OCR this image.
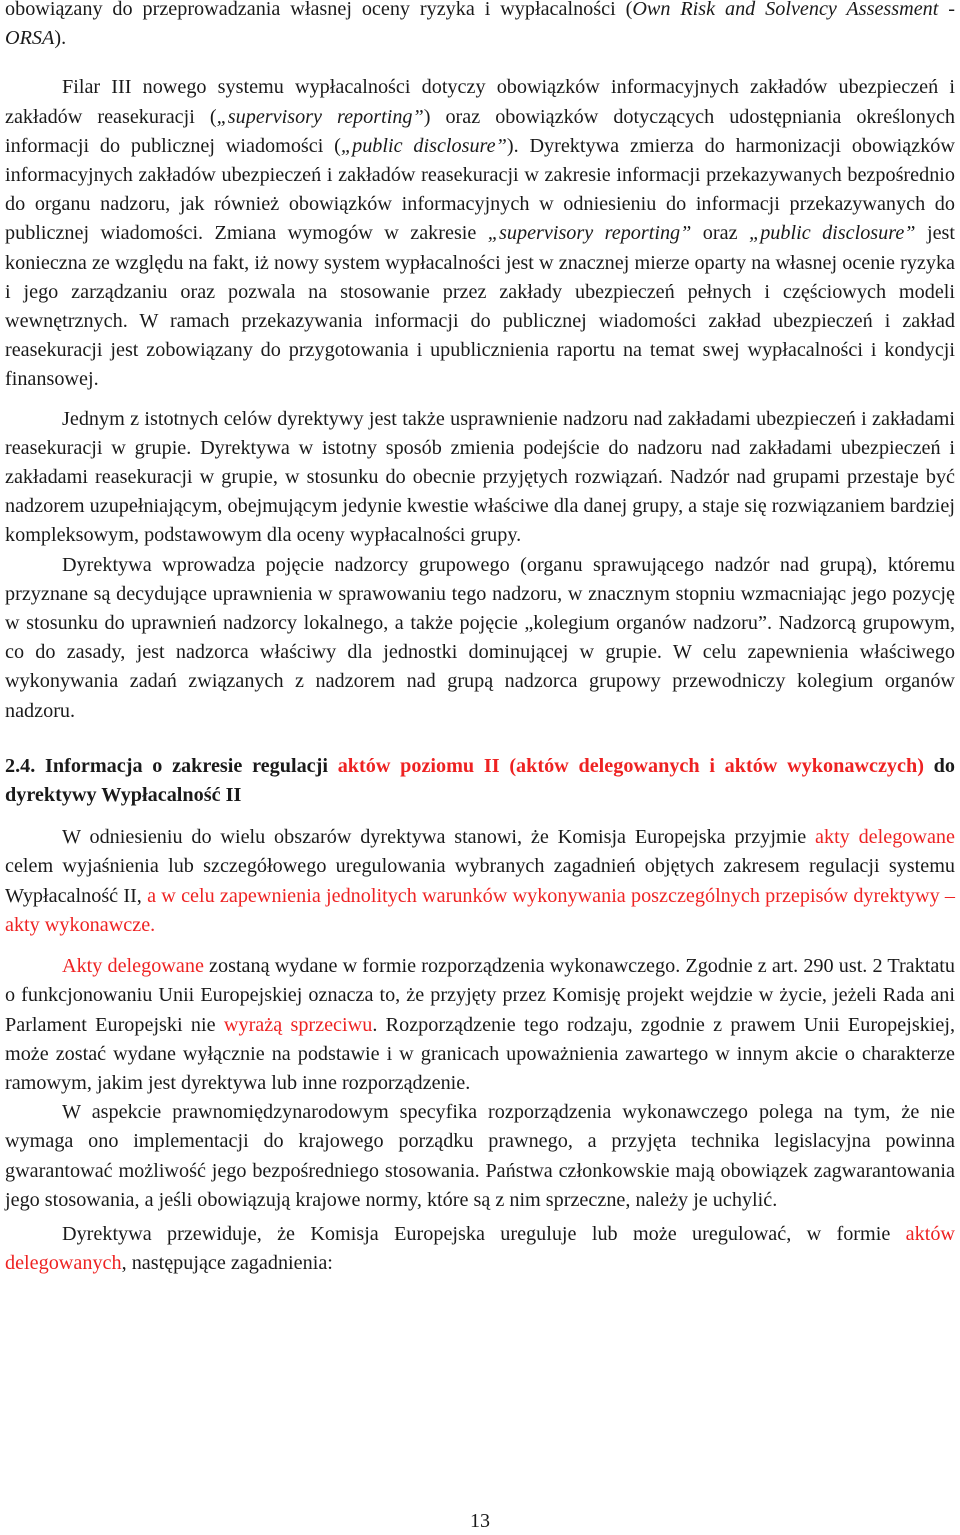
obowiązany do przeprowadzania własnej oceny ryzyka i wypłacalności (Own Risk and Solvency Assessment - ORSA).

Filar III nowego systemu wypłacalności dotyczy obowiązków informacyjnych zakładów ubezpieczeń i zakładów reasekuracji („supervisory reporting”) oraz obowiązków dotyczących udostępniania określonych informacji do publicznej wiadomości („public disclosure”). Dyrektywa zmierza do harmonizacji obowiązków informacyjnych zakładów ubezpieczeń i zakładów reasekuracji w zakresie informacji przekazywanych bezpośrednio do organu nadzoru, jak również obowiązków informacyjnych w odniesieniu do informacji przekazywanych do publicznej wiadomości. Zmiana wymogów w zakresie „supervisory reporting” oraz „public disclosure” jest konieczna ze względu na fakt, iż nowy system wypłacalności jest w znacznej mierze oparty na własnej ocenie ryzyka i jego zarządzaniu oraz pozwala na stosowanie przez zakłady ubezpieczeń pełnych i częściowych modeli wewnętrznych. W ramach przekazywania informacji do publicznej wiadomości zakład ubezpieczeń i zakład reasekuracji jest zobowiązany do przygotowania i upublicznienia raportu na temat swej wypłacalności i kondycji finansowej.

Jednym z istotnych celów dyrektywy jest także usprawnienie nadzoru nad zakładami ubezpieczeń i zakładami reasekuracji w grupie. Dyrektywa w istotny sposób zmienia podejście do nadzoru nad zakładami ubezpieczeń i zakładami reasekuracji w grupie, w stosunku do obecnie przyjętych rozwiązań. Nadzór nad grupami przestaje być nadzorem uzupełniającym, obejmującym jedynie kwestie właściwe dla danej grupy, a staje się rozwiązaniem bardziej kompleksowym, podstawowym dla oceny wypłacalności grupy.

Dyrektywa wprowadza pojęcie nadzorcy grupowego (organu sprawującego nadzór nad grupą), któremu przyznane są decydujące uprawnienia w sprawowaniu tego nadzoru, w znacznym stopniu wzmacniając jego pozycję w stosunku do uprawnień nadzorcy lokalnego, a także pojęcie „kolegium organów nadzoru”. Nadzorcą grupowym, co do zasady, jest nadzorca właściwy dla jednostki dominującej w grupie. W celu zapewnienia właściwego wykonywania zadań związanych z nadzorem nad grupą nadzorca grupowy przewodniczy kolegium organów nadzoru.

2.4. Informacja o zakresie regulacji aktów poziomu II (aktów delegowanych i aktów wykonawczych) do dyrektywy Wypłacalność II

W odniesieniu do wielu obszarów dyrektywa stanowi, że Komisja Europejska przyjmie akty delegowane celem wyjaśnienia lub szczegółowego uregulowania wybranych zagadnień objętych zakresem regulacji systemu Wypłacalność II, a w celu zapewnienia jednolitych warunków wykonywania poszczególnych przepisów dyrektywy – akty wykonawcze.

Akty delegowane zostaną wydane w formie rozporządzenia wykonawczego. Zgodnie z art. 290 ust. 2 Traktatu o funkcjonowaniu Unii Europejskiej oznacza to, że przyjęty przez Komisję projekt wejdzie w życie, jeżeli Rada ani Parlament Europejski nie wyrażą sprzeciwu. Rozporządzenie tego rodzaju, zgodnie z prawem Unii Europejskiej, może zostać wydane wyłącznie na podstawie i w granicach upoważnienia zawartego w innym akcie o charakterze ramowym, jakim jest dyrektywa lub inne rozporządzenie.

W aspekcie prawnomiędzynarodowym specyfika rozporządzenia wykonawczego polega na tym, że nie wymaga ono implementacji do krajowego porządku prawnego, a przyjęta technika legislacyjna powinna gwarantować możliwość jego bezpośredniego stosowania. Państwa członkowskie mają obowiązek zagwarantowania jego stosowania, a jeśli obowiązują krajowe normy, które są z nim sprzeczne, należy je uchylić.

Dyrektywa przewiduje, że Komisja Europejska ureguluje lub może uregulować, w formie aktów delegowanych, następujące zagadnienia:

13
